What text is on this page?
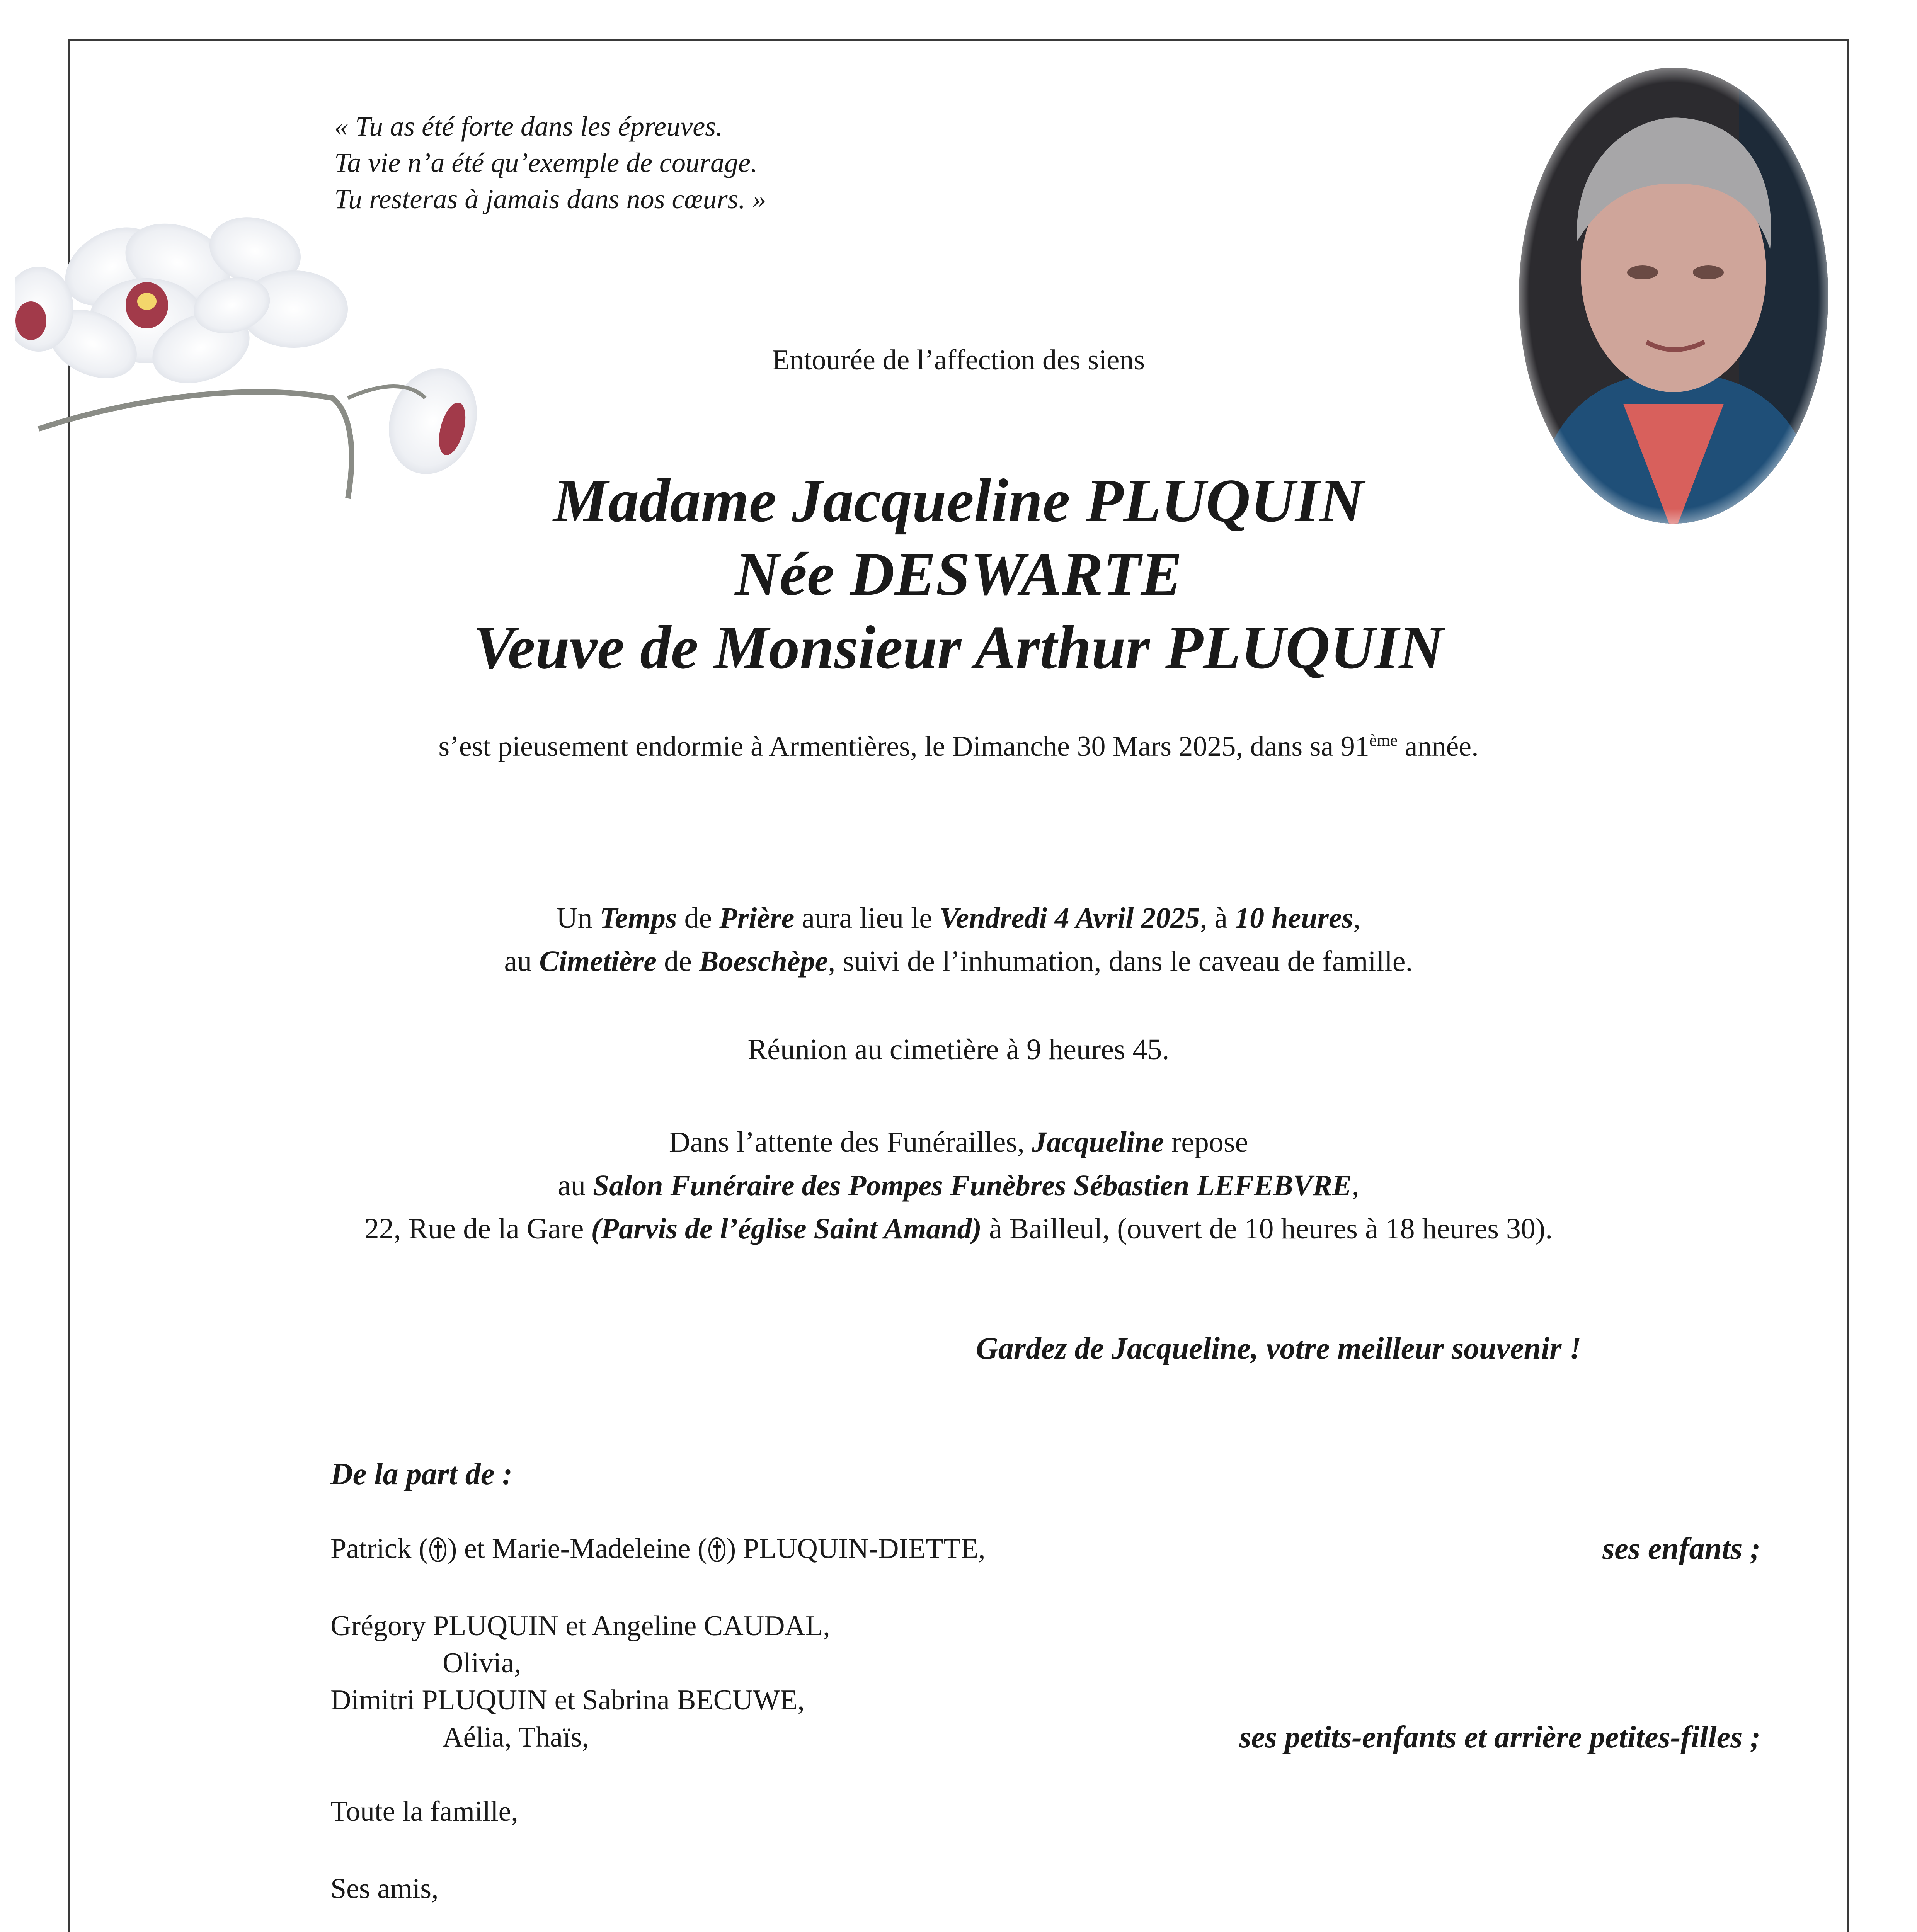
« Tu as été forte dans les épreuves.
Ta vie n’a été qu’exemple de courage.
Tu resteras à jamais dans nos cœurs. »
Entourée de l’affection des siens
Madame Jacqueline PLUQUIN
Née DESWARTE
Veuve de Monsieur Arthur PLUQUIN
s’est pieusement endormie à Armentières, le Dimanche 30 Mars 2025, dans sa 91ème année.
Un Temps de Prière aura lieu le Vendredi 4 Avril 2025, à 10 heures,
au Cimetière de Boeschèpe, suivi de l’inhumation, dans le caveau de famille.
Réunion au cimetière à 9 heures 45.
Dans l’attente des Funérailles, Jacqueline repose
au Salon Funéraire des Pompes Funèbres Sébastien LEFEBVRE,
22, Rue de la Gare (Parvis de l’église Saint Amand) à Bailleul, (ouvert de 10 heures à 18 heures 30).
Gardez de Jacqueline, votre meilleur souvenir !
De la part de :
Patrick ( ) et Marie-Madeleine ( ) PLUQUIN-DIETTE,	ses enfants ;
Grégory PLUQUIN et Angeline CAUDAL,
Olivia,
Dimitri PLUQUIN et Sabrina BECUWE,
Aélia, Thaïs,	ses petits-enfants et arrière petites-filles ;
Toute la famille,
Ses amis,
